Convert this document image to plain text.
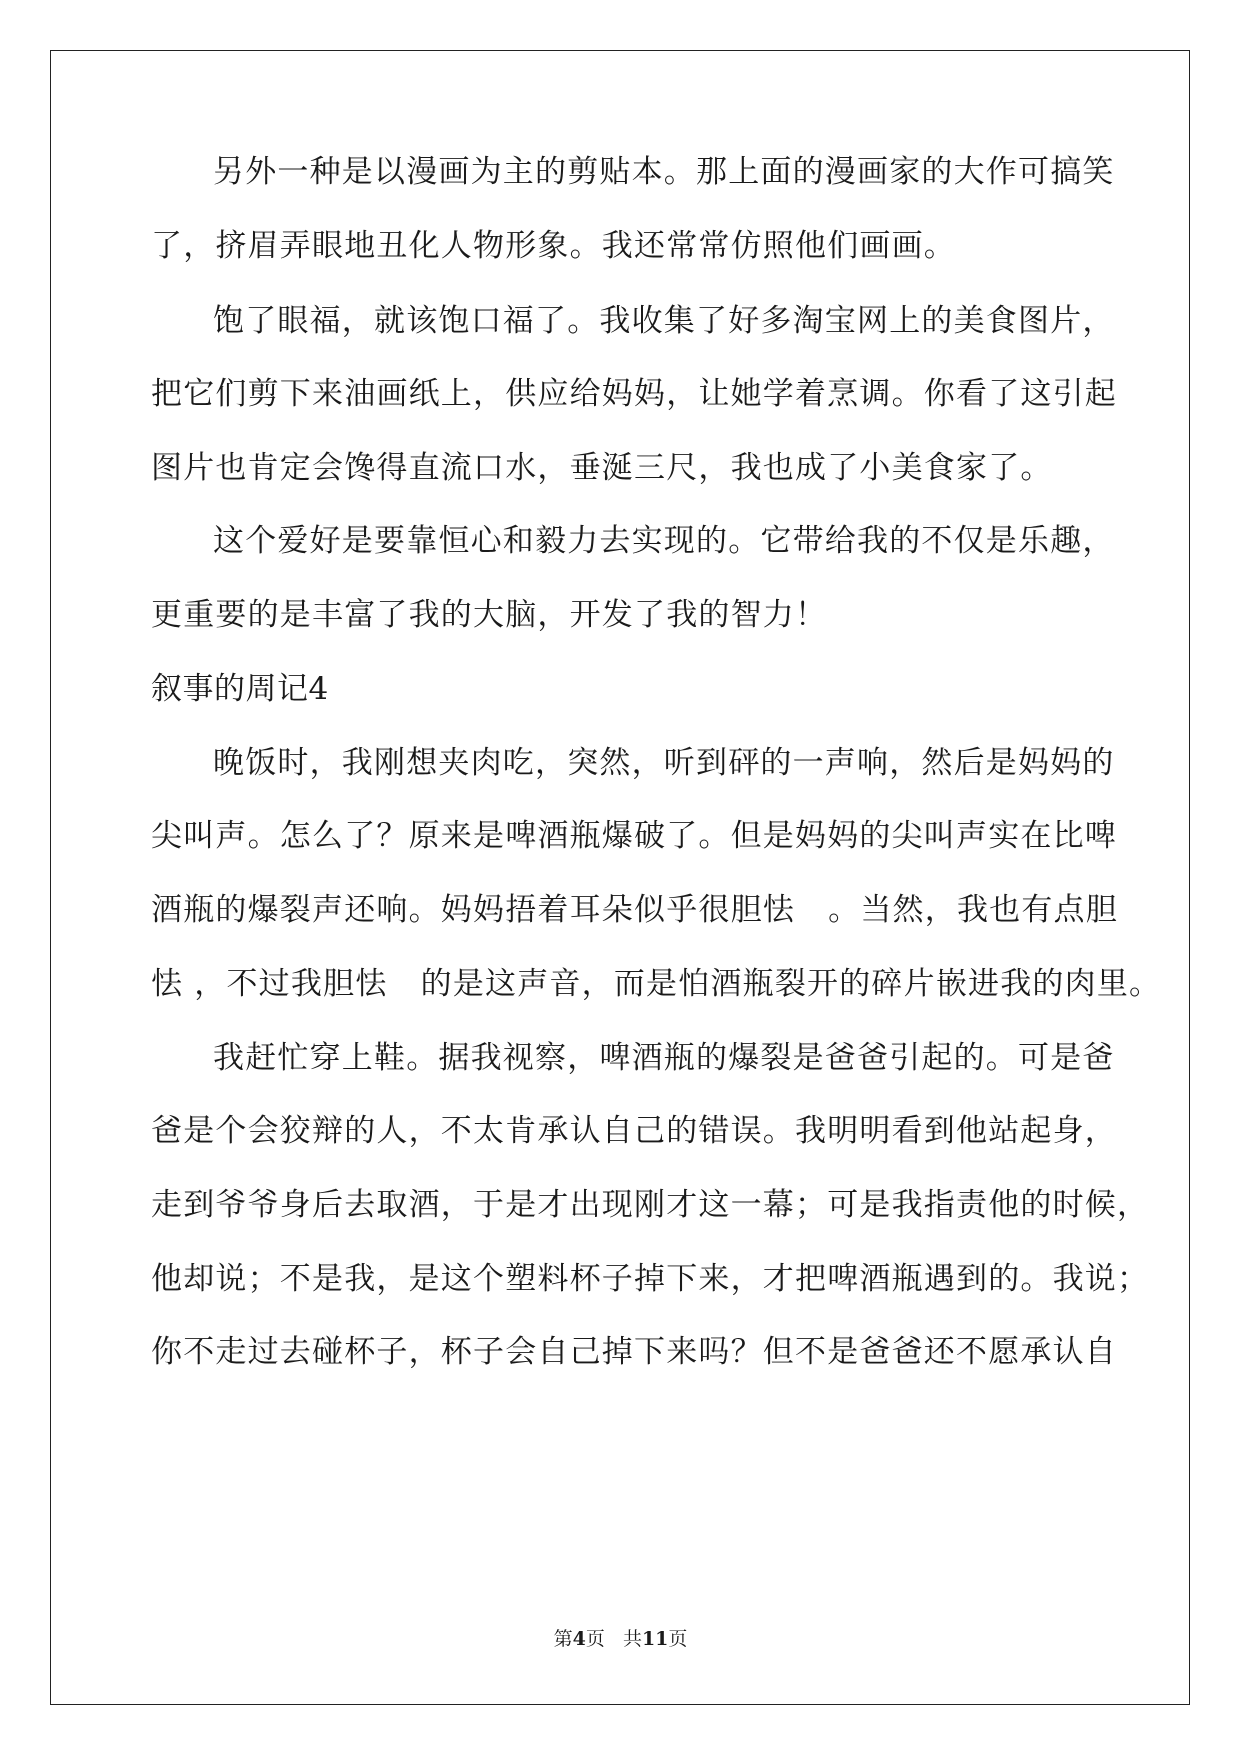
另外一种是以漫画为主的剪贴本。那上面的漫画家的大作可搞笑
了，挤眉弄眼地丑化人物形象。我还常常仿照他们画画。
饱了眼福，就该饱口福了。我收集了好多淘宝网上的美食图片，
把它们剪下来油画纸上，供应给妈妈，让她学着烹调。你看了这引起
图片也肯定会馋得直流口水，垂涎三尺，我也成了小美食家了。
这个爱好是要靠恒心和毅力去实现的。它带给我的不仅是乐趣，
更重要的是丰富了我的大脑，开发了我的智力！
叙事的周记4
晚饭时，我刚想夹肉吃，突然，听到砰的一声响，然后是妈妈的
尖叫声。怎么了？原来是啤酒瓶爆破了。但是妈妈的尖叫声实在比啤
酒瓶的爆裂声还响。妈妈捂着耳朵似乎很胆怯   。当然，我也有点胆
怯 ，不过我胆怯   的是这声音，而是怕酒瓶裂开的碎片嵌进我的肉里。
我赶忙穿上鞋。据我视察，啤酒瓶的爆裂是爸爸引起的。可是爸
爸是个会狡辩的人，不太肯承认自己的错误。我明明看到他站起身，
走到爷爷身后去取酒，于是才出现刚才这一幕；可是我指责他的时候，
他却说；不是我，是这个塑料杯子掉下来，才把啤酒瓶遇到的。我说；
你不走过去碰杯子，杯子会自己掉下来吗？但不是爸爸还不愿承认自
第4页   共11页
